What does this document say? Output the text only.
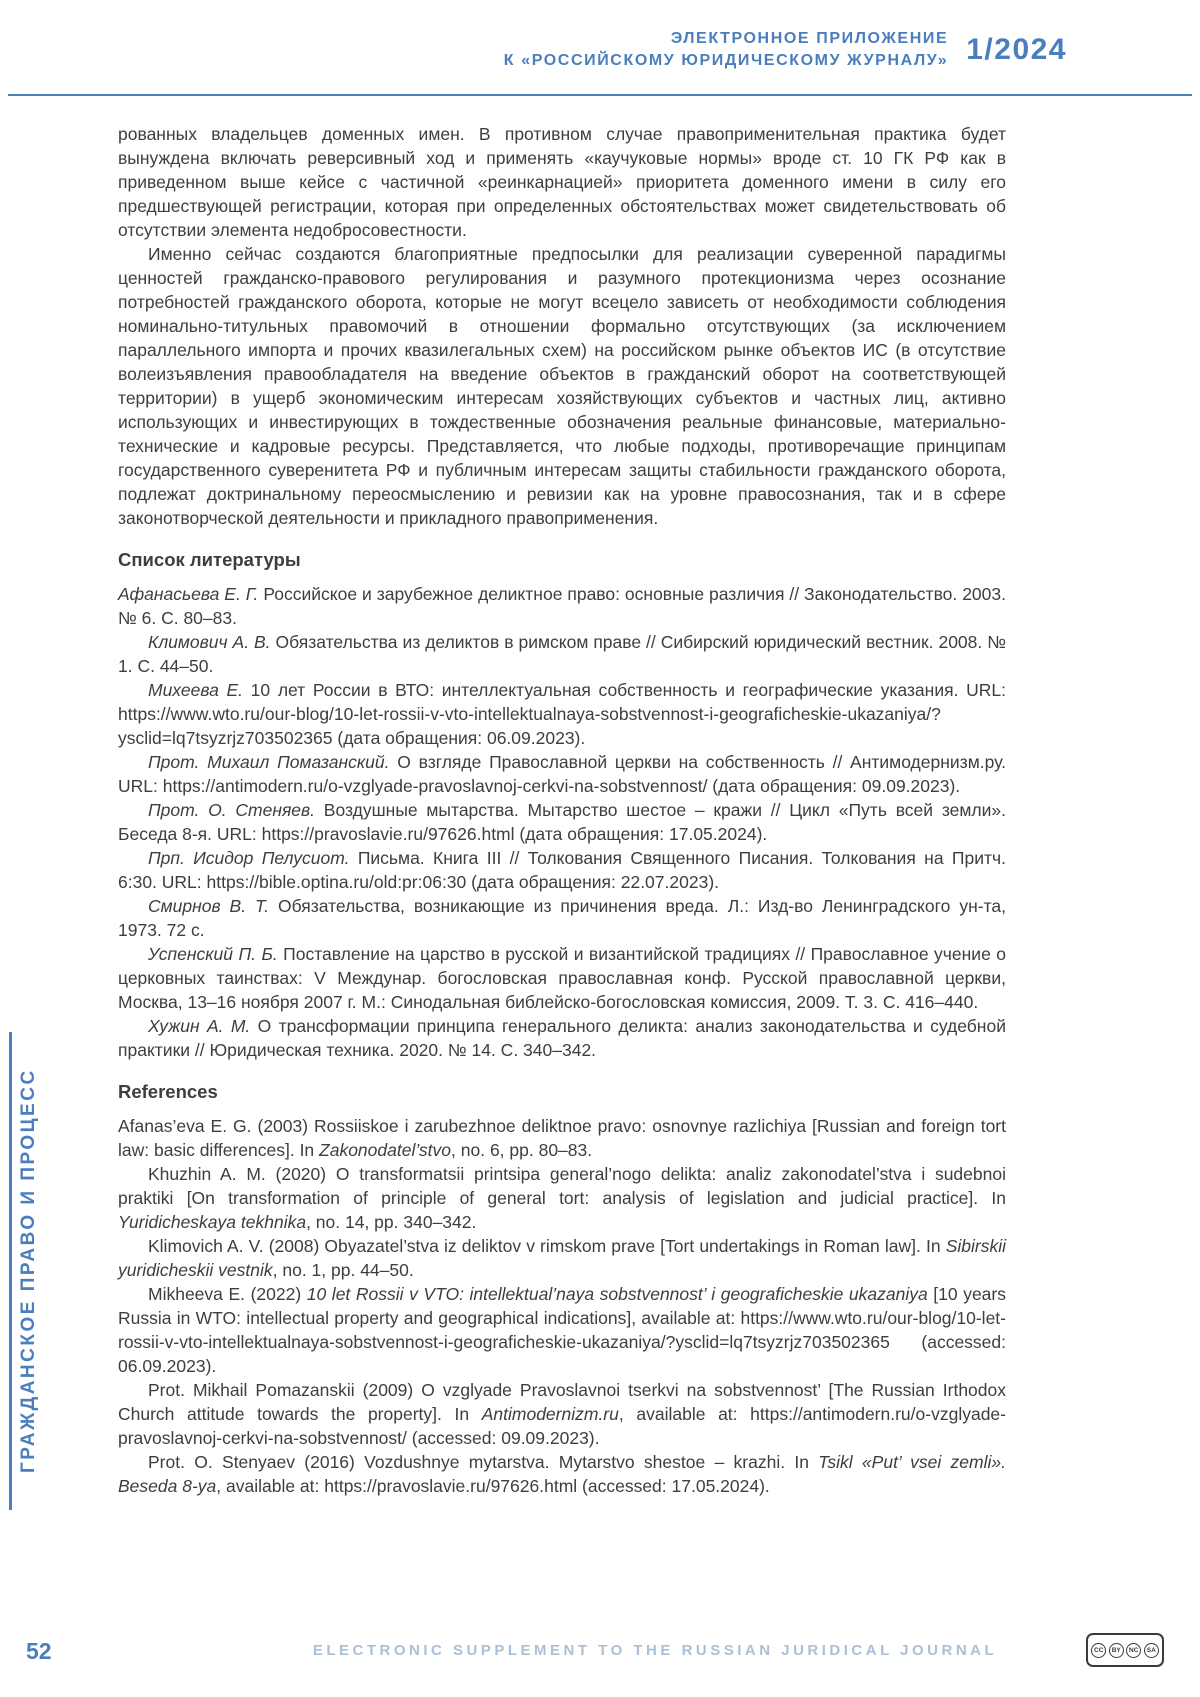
ЭЛЕКТРОННОЕ ПРИЛОЖЕНИЕ
К «РОССИЙСКОМУ ЮРИДИЧЕСКОМУ ЖУРНАЛУ» 1/2024
ГРАЖДАНСКОЕ ПРАВО И ПРОЦЕСС

рованных владельцев доменных имен. В противном случае правоприменительная практика будет вынуждена включать реверсивный ход и применять «каучуковые нормы» вроде ст. 10 ГК РФ как в приведенном выше кейсе с частичной «реинкарнацией» приоритета доменного имени в силу его предшествующей регистрации, которая при определенных обстоятельствах может свидетельствовать об отсутствии элемента недобросовестности.

Именно сейчас создаются благоприятные предпосылки для реализации суверенной парадигмы ценностей гражданско-правового регулирования и разумного протекционизма через осознание потребностей гражданского оборота, которые не могут всецело зависеть от необходимости соблюдения номинально-титульных правомочий в отношении формально отсутствующих (за исключением параллельного импорта и прочих квазилегальных схем) на российском рынке объектов ИС (в отсутствие волеизъявления правообладателя на введение объектов в гражданский оборот на соответствующей территории) в ущерб экономическим интересам хозяйствующих субъектов и частных лиц, активно использующих и инвестирующих в тождественные обозначения реальные финансовые, материально-технические и кадровые ресурсы. Представляется, что любые подходы, противоречащие принципам государственного суверенитета РФ и публичным интересам защиты стабильности гражданского оборота, подлежат доктринальному переосмыслению и ревизии как на уровне правосознания, так и в сфере законотворческой деятельности и прикладного правоприменения.

Список литературы

Афанасьева Е. Г. Российское и зарубежное деликтное право: основные различия // Законодательство. 2003. № 6. С. 80–83.

Климович А. В. Обязательства из деликтов в римском праве // Сибирский юридический вестник. 2008. № 1. С. 44–50.

Михеева Е. 10 лет России в ВТО: интеллектуальная собственность и географические указания. URL: https://www.wto.ru/our-blog/10-let-rossii-v-vto-intellektualnaya-sobstvennost-i-geograficheskie-ukazaniya/?ysclid=lq7tsyzrjz703502365 (дата обращения: 06.09.2023).

Прот. Михаил Помазанский. О взгляде Православной церкви на собственность // Антимодернизм.ру. URL: https://antimodern.ru/o-vzglyade-pravoslavnoj-cerkvi-na-sobstvennost/ (дата обращения: 09.09.2023).

Прот. О. Стеняев. Воздушные мытарства. Мытарство шестое – кражи // Цикл «Путь всей земли». Беседа 8-я. URL: https://pravoslavie.ru/97626.html (дата обращения: 17.05.2024).

Прп. Исидор Пелусиот. Письма. Книга III // Толкования Священного Писания. Толкования на Притч. 6:30. URL: https://bible.optina.ru/old:pr:06:30 (дата обращения: 22.07.2023).

Смирнов В. Т. Обязательства, возникающие из причинения вреда. Л.: Изд-во Ленинградского ун-та, 1973. 72 с.

Успенский П. Б. Поставление на царство в русской и византийской традициях // Православное учение о церковных таинствах: V Междунар. богословская православная конф. Русской православной церкви, Москва, 13–16 ноября 2007 г. М.: Синодальная библейско-богословская комиссия, 2009. Т. 3. С. 416–440.

Хужин А. М. О трансформации принципа генерального деликта: анализ законодательства и судебной практики // Юридическая техника. 2020. № 14. С. 340–342.

References

Afanas’eva E. G. (2003) Rossiiskoe i zarubezhnoe deliktnoe pravo: osnovnye razlichiya [Russian and foreign tort law: basic differences]. In Zakonodatel’stvo, no. 6, pp. 80–83.

Khuzhin A. M. (2020) O transformatsii printsipa general’nogo delikta: analiz zakonodatel’stva i sudebnoi praktiki [On transformation of principle of general tort: analysis of legislation and judicial practice]. In Yuridicheskaya tekhnika, no. 14, pp. 340–342.

Klimovich A. V. (2008) Obyazatel’stva iz deliktov v rimskom prave [Tort undertakings in Roman law]. In Sibirskii yuridicheskii vestnik, no. 1, pp. 44–50.

Mikheeva E. (2022) 10 let Rossii v VTO: intellektual’naya sobstvennost’ i geograficheskie ukazaniya [10 years Russia in WTO: intellectual property and geographical indications], available at: https://www.wto.ru/our-blog/10-let-rossii-v-vto-intellektualnaya-sobstvennost-i-geograficheskie-ukazaniya/?ysclid=lq7tsyzrjz703502365 (accessed: 06.09.2023).

Prot. Mikhail Pomazanskii (2009) O vzglyade Pravoslavnoi tserkvi na sobstvennost’ [The Russian Irthodox Church attitude towards the property]. In Antimodernizm.ru, available at: https://antimodern.ru/o-vzglyade-pravoslavnoj-cerkvi-na-sobstvennost/ (accessed: 09.09.2023).

Prot. O. Stenyaev (2016) Vozdushnye mytarstva. Mytarstvo shestoe – krazhi. In Tsikl «Put’ vsei zemli». Beseda 8-ya, available at: https://pravoslavie.ru/97626.html (accessed: 17.05.2024).

52	ELECTRONIC SUPPLEMENT TO THE RUSSIAN JURIDICAL JOURNAL	CC	BY	NC	SA
